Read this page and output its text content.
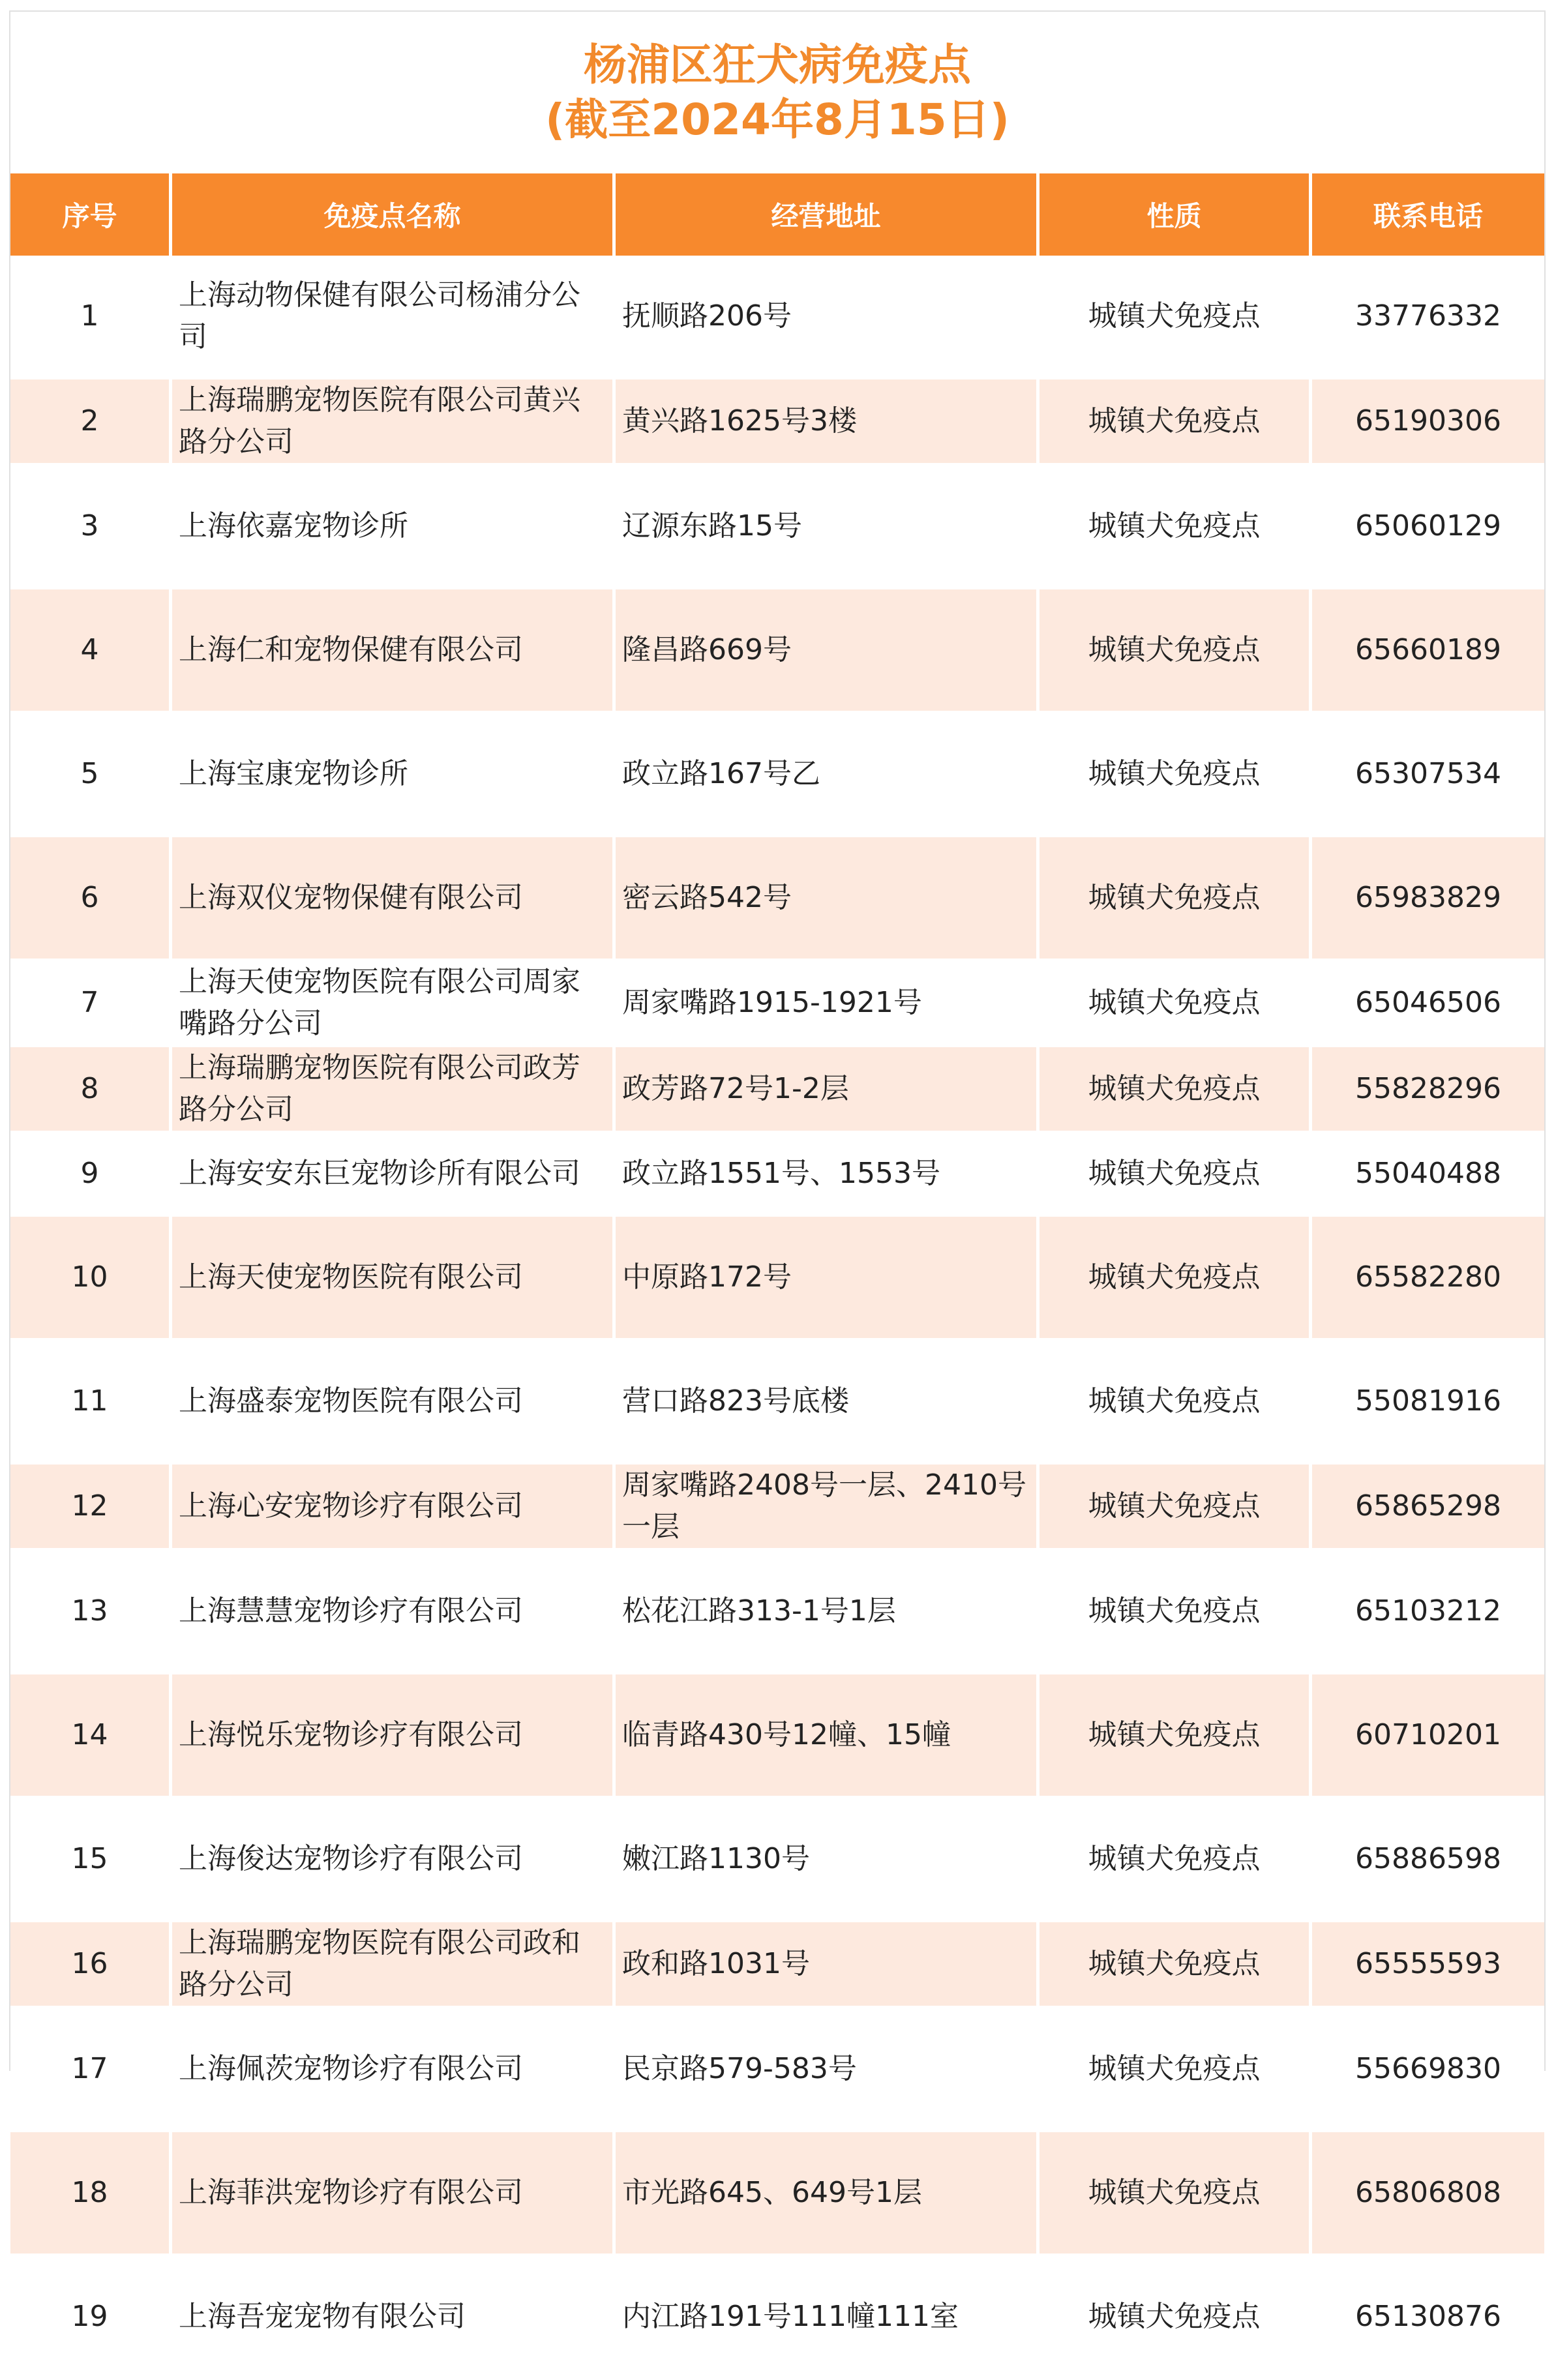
杨浦区狂犬病免疫点
(截至2024年8月15日)
序号	免疫点名称	经营地址	性质	联系电话
1	上海动物保健有限公司杨浦分公司	抚顺路206号	城镇犬免疫点	33776332
2	上海瑞鹏宠物医院有限公司黄兴路分公司	黄兴路1625号3楼	城镇犬免疫点	65190306
3	上海依嘉宠物诊所	辽源东路15号	城镇犬免疫点	65060129
4	上海仁和宠物保健有限公司	隆昌路669号	城镇犬免疫点	65660189
5	上海宝康宠物诊所	政立路167号乙	城镇犬免疫点	65307534
6	上海双仪宠物保健有限公司	密云路542号	城镇犬免疫点	65983829
7	上海天使宠物医院有限公司周家嘴路分公司	周家嘴路1915-1921号	城镇犬免疫点	65046506
8	上海瑞鹏宠物医院有限公司政芳路分公司	政芳路72号1-2层	城镇犬免疫点	55828296
9	上海安安东巨宠物诊所有限公司	政立路1551号、1553号	城镇犬免疫点	55040488
10	上海天使宠物医院有限公司	中原路172号	城镇犬免疫点	65582280
11	上海盛泰宠物医院有限公司	营口路823号底楼	城镇犬免疫点	55081916
12	上海心安宠物诊疗有限公司	周家嘴路2408号一层、2410号一层	城镇犬免疫点	65865298
13	上海慧慧宠物诊疗有限公司	松花江路313-1号1层	城镇犬免疫点	65103212
14	上海悦乐宠物诊疗有限公司	临青路430号12幢、15幢	城镇犬免疫点	60710201
15	上海俊达宠物诊疗有限公司	嫩江路1130号	城镇犬免疫点	65886598
16	上海瑞鹏宠物医院有限公司政和路分公司	政和路1031号	城镇犬免疫点	65555593
17	上海佩茨宠物诊疗有限公司	民京路579-583号	城镇犬免疫点	55669830
18	上海菲洪宠物诊疗有限公司	市光路645、649号1层	城镇犬免疫点	65806808
19	上海吾宠宠物有限公司	内江路191号111幢111室	城镇犬免疫点	65130876
